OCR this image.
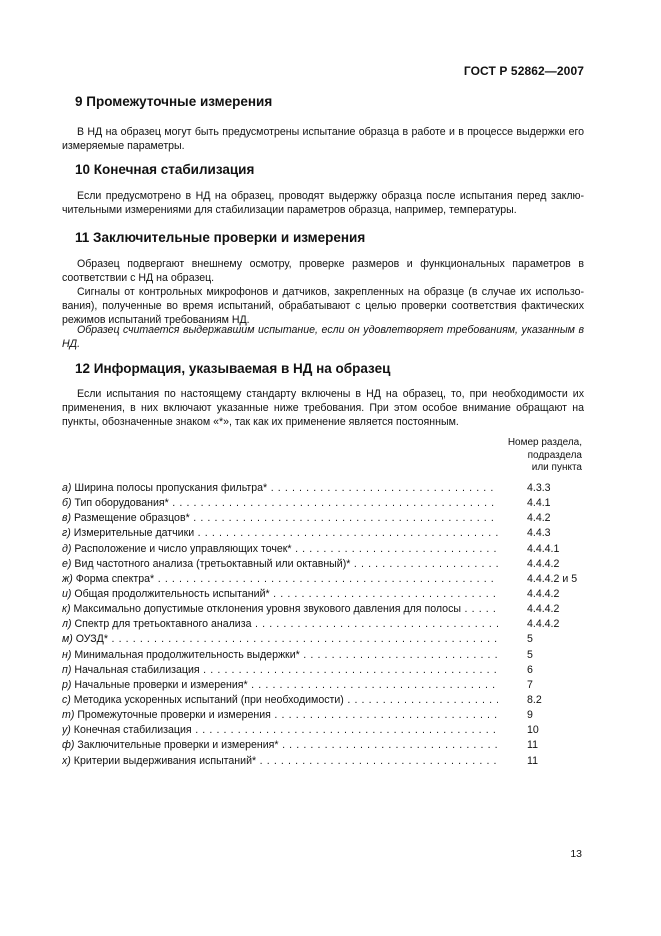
ГОСТ Р 52862—2007
9 Промежуточные измерения
В НД на образец могут быть предусмотрены испытание образца в работе и в процессе выдержки его измеряемые параметры.
10 Конечная стабилизация
Если предусмотрено в НД на образец, проводят выдержку образца после испытания перед заключительными измерениями для стабилизации параметров образца, например, температуры.
11 Заключительные проверки и измерения
Образец подвергают внешнему осмотру, проверке размеров и функциональных параметров в соответствии с НД на образец.
Сигналы от контрольных микрофонов и датчиков, закрепленных на образце (в случае их использования), полученные во время испытаний, обрабатывают с целью проверки соответствия фактических режимов испытаний требованиям НД.
Образец считается выдержавшим испытание, если он удовлетворяет требованиям, указанным в НД.
12 Информация, указываемая в НД на образец
Если испытания по настоящему стандарту включены в НД на образец, то, при необходимости их применения, в них включают указанные ниже требования. При этом особое внимание обращают на пункты, обозначенные знаком «*», так как их применение является постоянным.
Номер раздела,
подраздела
или пункта
а) Ширина полосы пропускания фильтра* . . .	4.3.3
б) Тип оборудования* . . .	4.4.1
в) Размещение образцов* . . .	4.4.2
г) Измерительные датчики . . .	4.4.3
д) Расположение и число управляющих точек* . . .	4.4.4.1
е) Вид частотного анализа (третьоктавный или октавный)* . . .	4.4.4.2
ж) Форма спектра* . . .	4.4.4.2 и 5
и) Общая продолжительность испытаний* . . .	4.4.4.2
к) Максимально допустимые отклонения уровня звукового давления для полосы . . .	4.4.4.2
л) Спектр для третьоктавного анализа . . .	4.4.4.2
м) ОУЗД* . . .	5
н) Минимальная продолжительность выдержки* . . .	5
п) Начальная стабилизация . . .	6
р) Начальные проверки и измерения* . . .	7
с) Методика ускоренных испытаний (при необходимости) . . .	8.2
т) Промежуточные проверки и измерения . . .	9
у) Конечная стабилизация . . .	10
ф) Заключительные проверки и измерения* . . .	11
х) Критерии выдерживания испытаний* . . .	11
13
